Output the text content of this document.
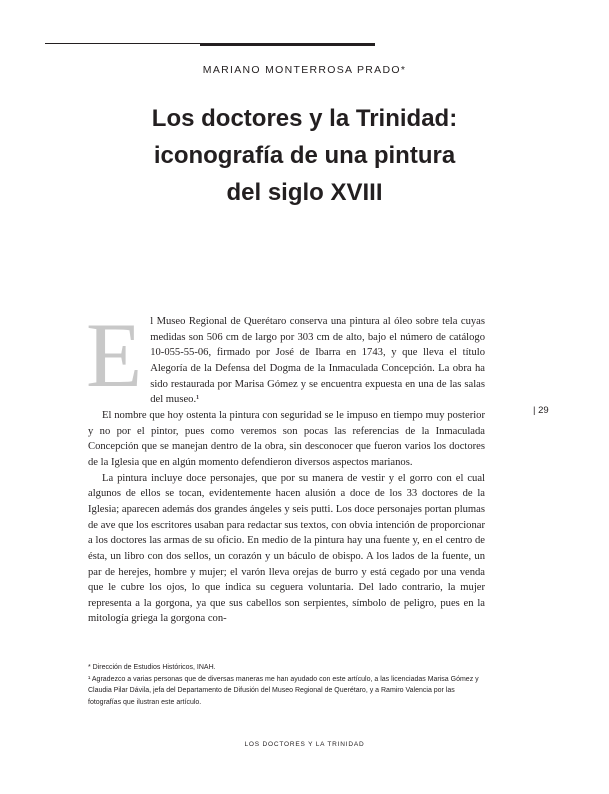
MARIANO MONTERROSA PRADO*
Los doctores y la Trinidad:
iconografía de una pintura
del siglo XVIII

E l Museo Regional de Querétaro conserva una pintura al óleo sobre tela cuyas medidas son 506 cm de largo por 303 cm de alto, bajo el número de catálogo 10-055-55-06, firmado por José de Ibarra en 1743, y que lleva el título Alegoría de la Defensa del Dogma de la Inmaculada Concepción. La obra ha sido restaurada por Marisa Gómez y se encuentra expuesta en una de las salas del museo.¹

El nombre que hoy ostenta la pintura con seguridad se le impuso en tiempo muy posterior y no por el pintor, pues como veremos son pocas las referencias de la Inmaculada Concepción que se manejan dentro de la obra, sin desconocer que fueron varios los doctores de la Iglesia que en algún momento defendieron diversos aspectos marianos.

La pintura incluye doce personajes, que por su manera de vestir y el gorro con el cual algunos de ellos se tocan, evidentemente hacen alusión a doce de los 33 doctores de la Iglesia; aparecen además dos grandes ángeles y seis putti. Los doce personajes portan plumas de ave que los escritores usaban para redactar sus textos, con obvia intención de proporcionar a los doctores las armas de su oficio. En medio de la pintura hay una fuente y, en el centro de ésta, un libro con dos sellos, un corazón y un báculo de obispo. A los lados de la fuente, un par de herejes, hombre y mujer; el varón lleva orejas de burro y está cegado por una venda que le cubre los ojos, lo que indica su ceguera voluntaria. Del lado contrario, la mujer representa a la gorgona, ya que sus cabellos son serpientes, símbolo de peligro, pues en la mitología griega la gorgona con-

| 29

* Dirección de Estudios Históricos, INAH.

¹ Agradezco a varias personas que de diversas maneras me han ayudado con este artículo, a las licenciadas Marisa Gómez y Claudia Pilar Dávila, jefa del Departamento de Difusión del Museo Regional de Querétaro, y a Ramiro Valencia por las fotografías que ilustran este artículo.

LOS DOCTORES Y LA TRINIDAD
